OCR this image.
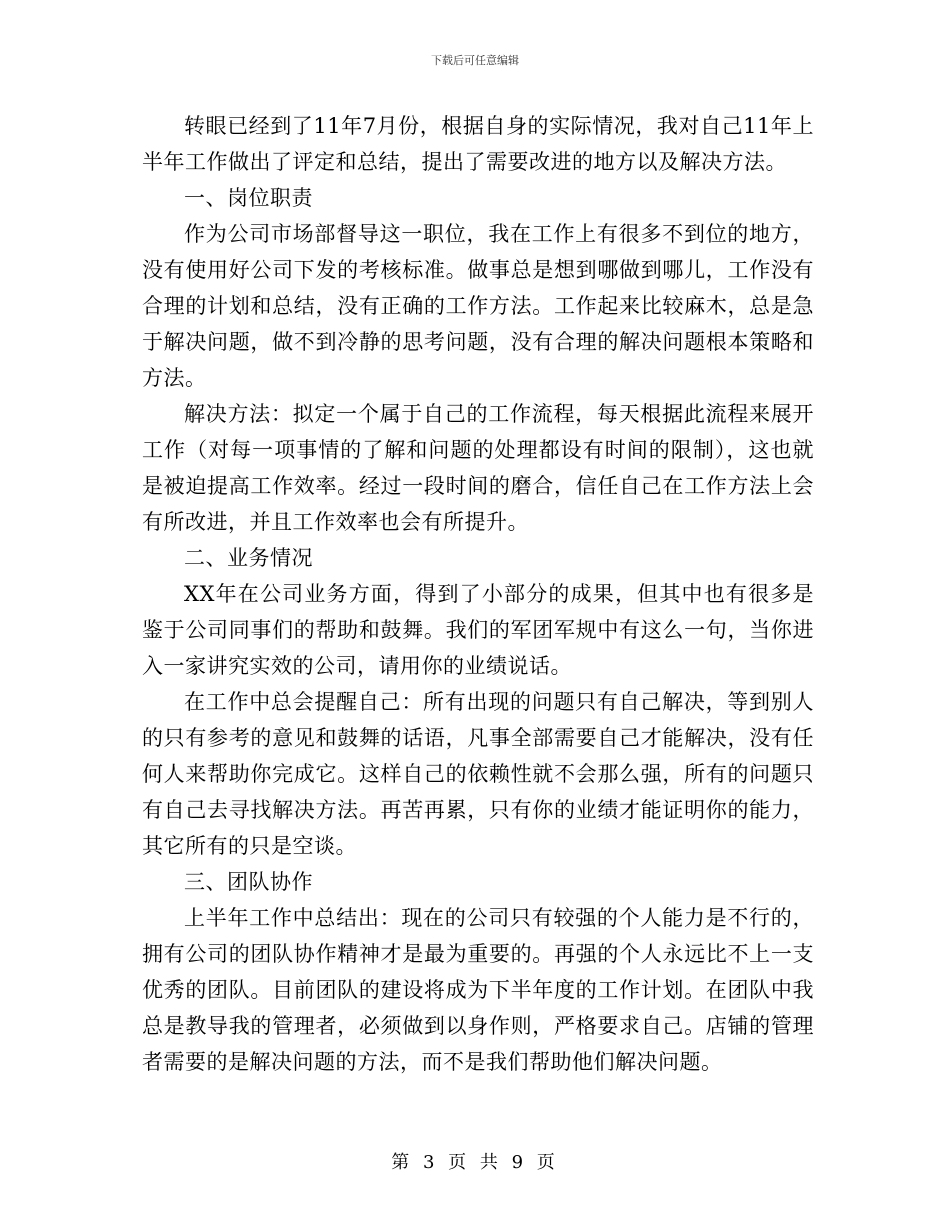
下载后可任意编辑

转眼已经到了11年7月份，根据自身的实际情况，我对自己11年上半年工作做出了评定和总结，提出了需要改进的地方以及解决方法。

一、岗位职责

作为公司市场部督导这一职位，我在工作上有很多不到位的地方，没有使用好公司下发的考核标准。做事总是想到哪做到哪儿，工作没有合理的计划和总结，没有正确的工作方法。工作起来比较麻木，总是急于解决问题，做不到冷静的思考问题，没有合理的解决问题根本策略和方法。

解决方法：拟定一个属于自己的工作流程，每天根据此流程来展开工作（对每一项事情的了解和问题的处理都设有时间的限制），这也就是被迫提高工作效率。经过一段时间的磨合，信任自己在工作方法上会有所改进，并且工作效率也会有所提升。

二、业务情况

XX年在公司业务方面，得到了小部分的成果，但其中也有很多是鉴于公司同事们的帮助和鼓舞。我们的军团军规中有这么一句，当你进入一家讲究实效的公司，请用你的业绩说话。

在工作中总会提醒自己：所有出现的问题只有自己解决，等到别人的只有参考的意见和鼓舞的话语，凡事全部需要自己才能解决，没有任何人来帮助你完成它。这样自己的依赖性就不会那么强，所有的问题只有自己去寻找解决方法。再苦再累，只有你的业绩才能证明你的能力，其它所有的只是空谈。

三、团队协作

上半年工作中总结出：现在的公司只有较强的个人能力是不行的，拥有公司的团队协作精神才是最为重要的。再强的个人永远比不上一支优秀的团队。目前团队的建设将成为下半年度的工作计划。在团队中我总是教导我的管理者，必须做到以身作则，严格要求自己。店铺的管理者需要的是解决问题的方法，而不是我们帮助他们解决问题。

第 3 页 共 9 页
